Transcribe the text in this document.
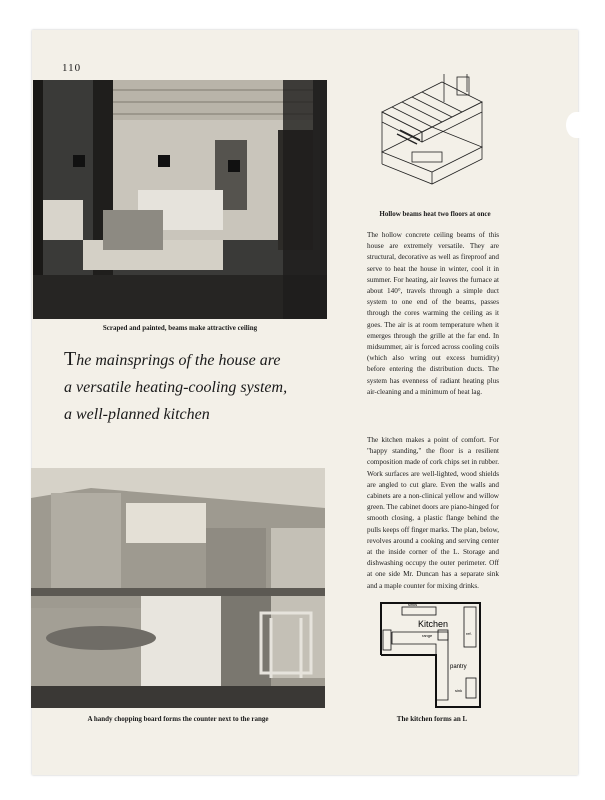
110
Scraped and painted, beams make attractive ceiling
Hollow beams heat two floors at once

The hollow concrete ceiling beams of this house are extremely versatile. They are structural, decorative as well as fireproof and serve to heat the house in winter, cool it in summer. For heating, air leaves the furnace at about 140°, travels through a simple duct system to one end of the beams, passes through the cores warming the ceiling as it goes. The air is at room temperature when it emerges through the grille at the far end. In midsummer, air is forced across cooling coils (which also wring out excess humidity) before entering the distribution ducts. The system has evenness of radiant heating plus air-cleaning and a minimum of heat lag.

The mainsprings of the house are
a versatile heating-cooling system,
a well-planned kitchen
A handy chopping board forms the counter next to the range

The kitchen makes a point of comfort. For "happy standing," the floor is a resilient composition made of cork chips set in rubber. Work surfaces are well-lighted, wood shields are angled to cut glare. Even the walls and cabinets are a non-clinical yellow and willow green. The cabinet doors are piano-hinged for smooth closing, a plastic flange behind the pulls keeps off finger marks. The plan, below, revolves around a cooking and serving center at the inside corner of the L. Storage and dishwashing occupy the outer perimeter. Off at one side Mr. Duncan has a separate sink and a maple counter for mixing drinks.

sinks
Kitchen
range	ref.
pantry
sink
The kitchen forms an L
